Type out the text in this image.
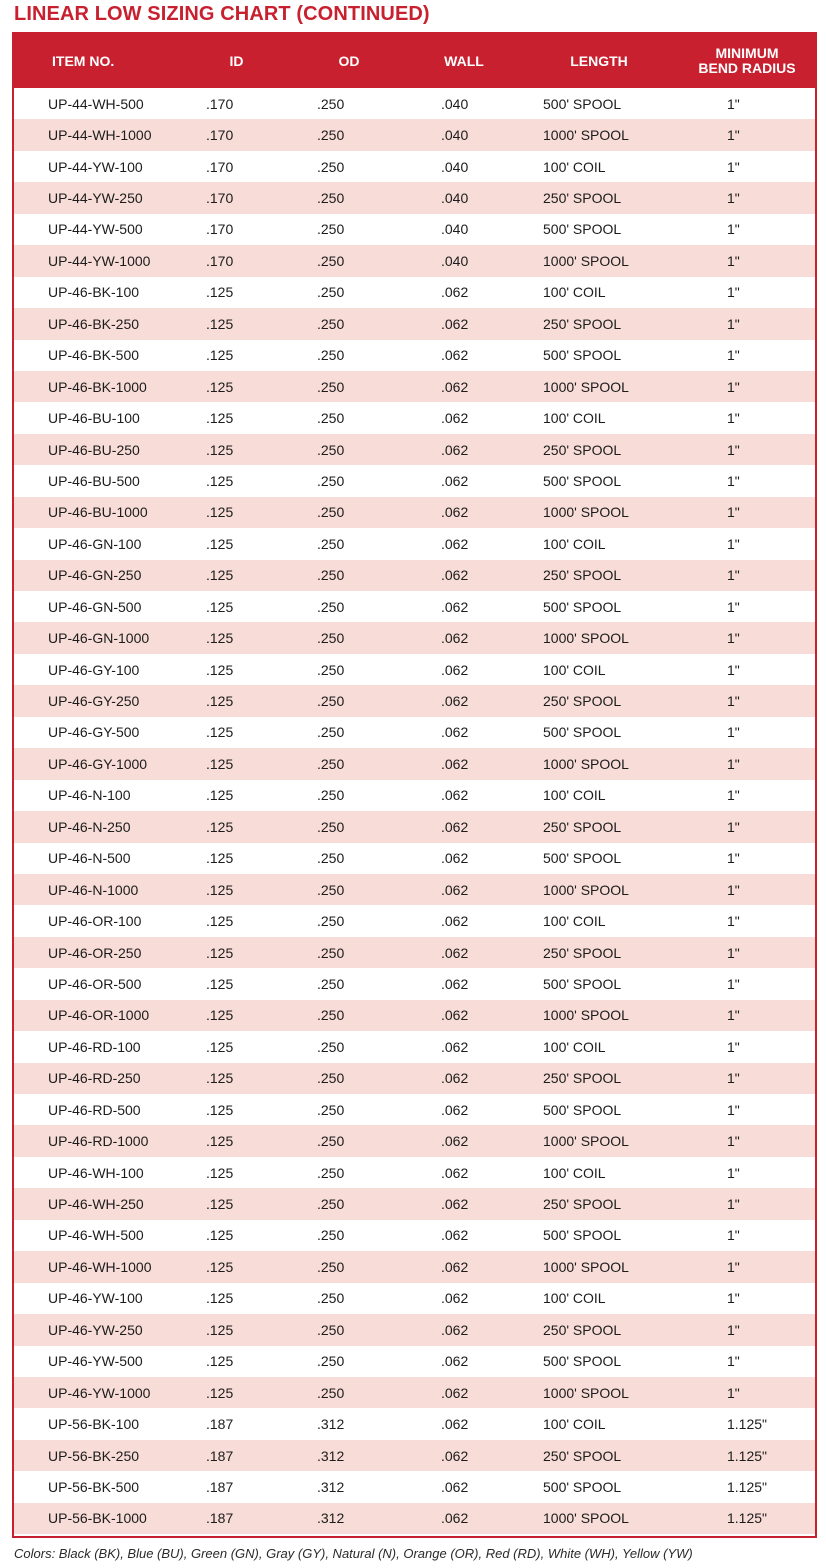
LINEAR LOW SIZING CHART (CONTINUED)
ITEM NO.	ID	OD	WALL	LENGTH	MINIMUM
BEND RADIUS
UP-44-WH-500	.170	.250	.040	500' SPOOL	1"
UP-44-WH-1000	.170	.250	.040	1000' SPOOL	1"
UP-44-YW-100	.170	.250	.040	100' COIL	1"
UP-44-YW-250	.170	.250	.040	250' SPOOL	1"
UP-44-YW-500	.170	.250	.040	500' SPOOL	1"
UP-44-YW-1000	.170	.250	.040	1000' SPOOL	1"
UP-46-BK-100	.125	.250	.062	100' COIL	1"
UP-46-BK-250	.125	.250	.062	250' SPOOL	1"
UP-46-BK-500	.125	.250	.062	500' SPOOL	1"
UP-46-BK-1000	.125	.250	.062	1000' SPOOL	1"
UP-46-BU-100	.125	.250	.062	100' COIL	1"
UP-46-BU-250	.125	.250	.062	250' SPOOL	1"
UP-46-BU-500	.125	.250	.062	500' SPOOL	1"
UP-46-BU-1000	.125	.250	.062	1000' SPOOL	1"
UP-46-GN-100	.125	.250	.062	100' COIL	1"
UP-46-GN-250	.125	.250	.062	250' SPOOL	1"
UP-46-GN-500	.125	.250	.062	500' SPOOL	1"
UP-46-GN-1000	.125	.250	.062	1000' SPOOL	1"
UP-46-GY-100	.125	.250	.062	100' COIL	1"
UP-46-GY-250	.125	.250	.062	250' SPOOL	1"
UP-46-GY-500	.125	.250	.062	500' SPOOL	1"
UP-46-GY-1000	.125	.250	.062	1000' SPOOL	1"
UP-46-N-100	.125	.250	.062	100' COIL	1"
UP-46-N-250	.125	.250	.062	250' SPOOL	1"
UP-46-N-500	.125	.250	.062	500' SPOOL	1"
UP-46-N-1000	.125	.250	.062	1000' SPOOL	1"
UP-46-OR-100	.125	.250	.062	100' COIL	1"
UP-46-OR-250	.125	.250	.062	250' SPOOL	1"
UP-46-OR-500	.125	.250	.062	500' SPOOL	1"
UP-46-OR-1000	.125	.250	.062	1000' SPOOL	1"
UP-46-RD-100	.125	.250	.062	100' COIL	1"
UP-46-RD-250	.125	.250	.062	250' SPOOL	1"
UP-46-RD-500	.125	.250	.062	500' SPOOL	1"
UP-46-RD-1000	.125	.250	.062	1000' SPOOL	1"
UP-46-WH-100	.125	.250	.062	100' COIL	1"
UP-46-WH-250	.125	.250	.062	250' SPOOL	1"
UP-46-WH-500	.125	.250	.062	500' SPOOL	1"
UP-46-WH-1000	.125	.250	.062	1000' SPOOL	1"
UP-46-YW-100	.125	.250	.062	100' COIL	1"
UP-46-YW-250	.125	.250	.062	250' SPOOL	1"
UP-46-YW-500	.125	.250	.062	500' SPOOL	1"
UP-46-YW-1000	.125	.250	.062	1000' SPOOL	1"
UP-56-BK-100	.187	.312	.062	100' COIL	1.125"
UP-56-BK-250	.187	.312	.062	250' SPOOL	1.125"
UP-56-BK-500	.187	.312	.062	500' SPOOL	1.125"
UP-56-BK-1000	.187	.312	.062	1000' SPOOL	1.125"

Colors: Black (BK), Blue (BU), Green (GN), Gray (GY), Natural (N), Orange (OR), Red (RD), White (WH), Yellow (YW)
